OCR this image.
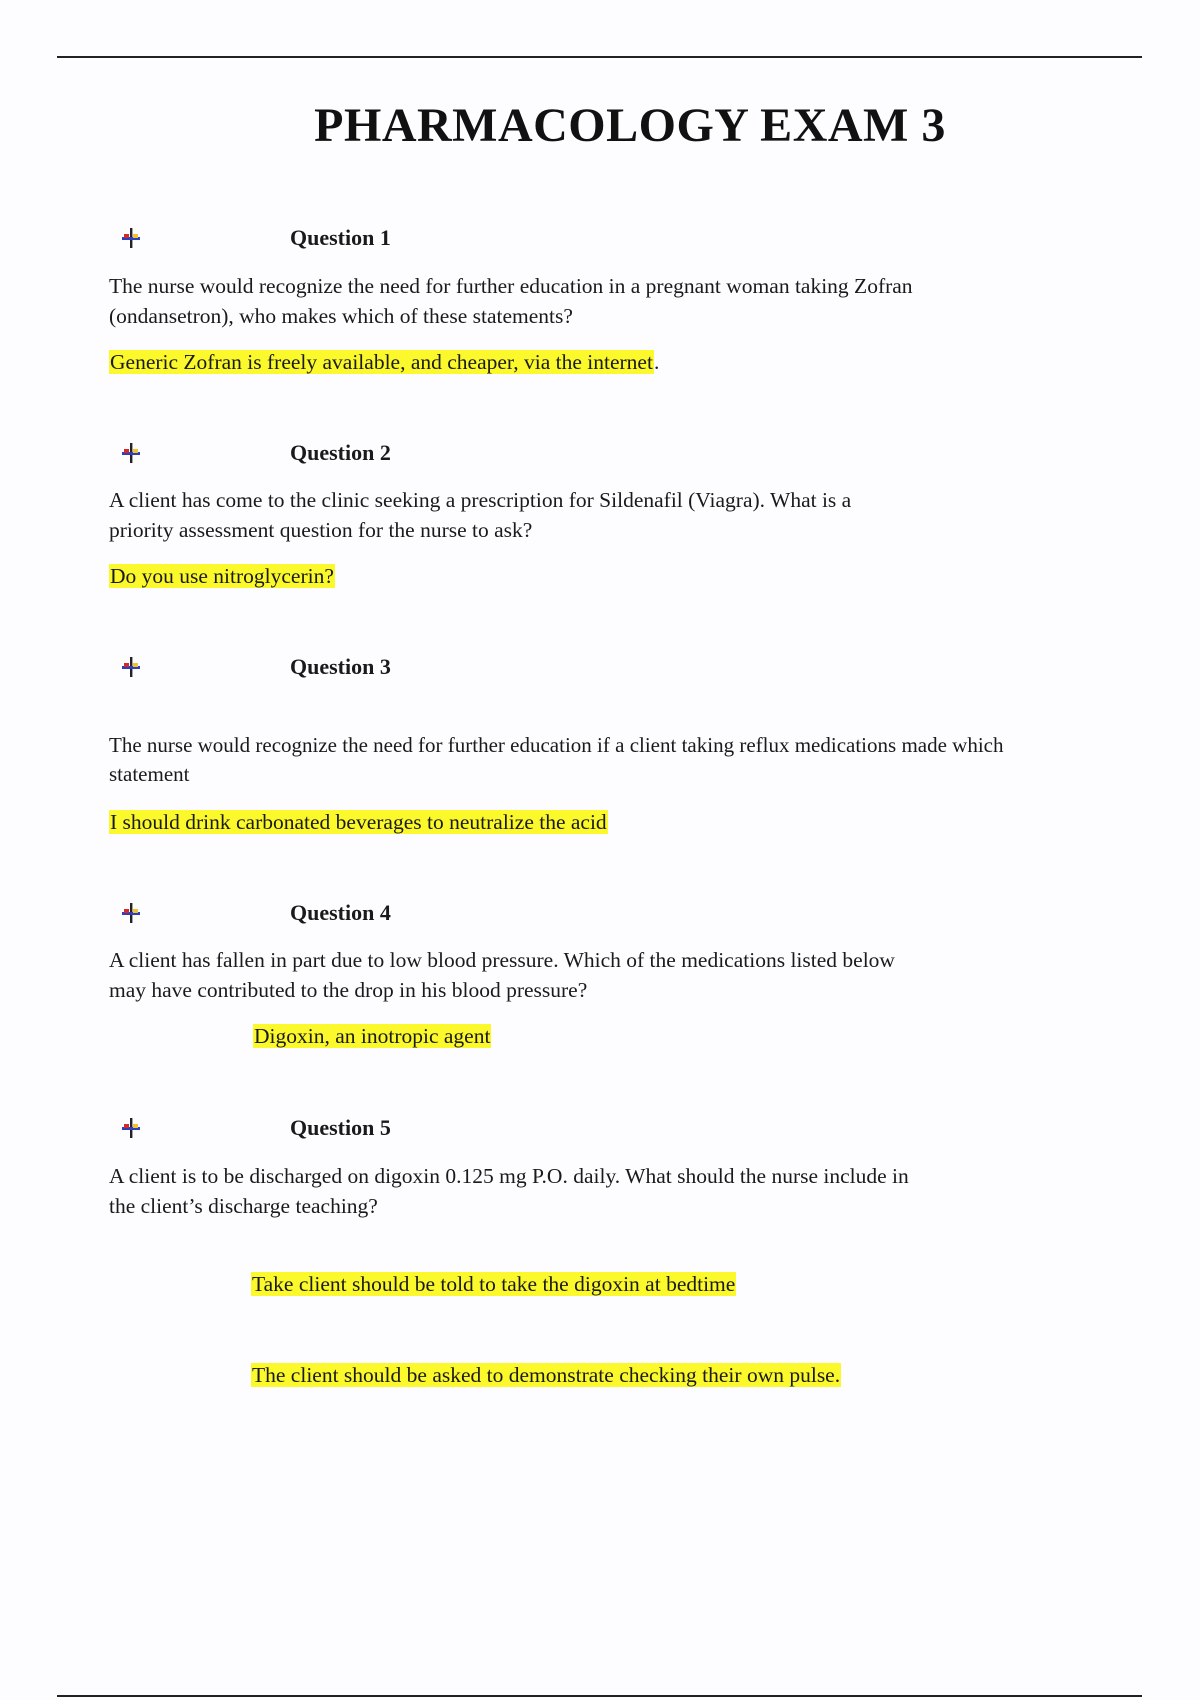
PHARMACOLOGY EXAM 3
Question 1

The nurse would recognize the need for further education in a pregnant woman taking Zofran
(ondansetron), who makes which of these statements?

Generic Zofran is freely available, and cheaper, via the internet.
Question 2

A client has come to the clinic seeking a prescription for Sildenafil (Viagra). What is a
priority assessment question for the nurse to ask?

Do you use nitroglycerin?
Question 3

The nurse would recognize the need for further education if a client taking reflux medications made which
statement

I should drink carbonated beverages to neutralize the acid
Question 4

A client has fallen in part due to low blood pressure. Which of the medications listed below
may have contributed to the drop in his blood pressure?

Digoxin, an inotropic agent
Question 5

A client is to be discharged on digoxin 0.125 mg P.O. daily. What should the nurse include in
the client’s discharge teaching?

Take client should be told to take the digoxin at bedtime
The client should be asked to demonstrate checking their own pulse.
